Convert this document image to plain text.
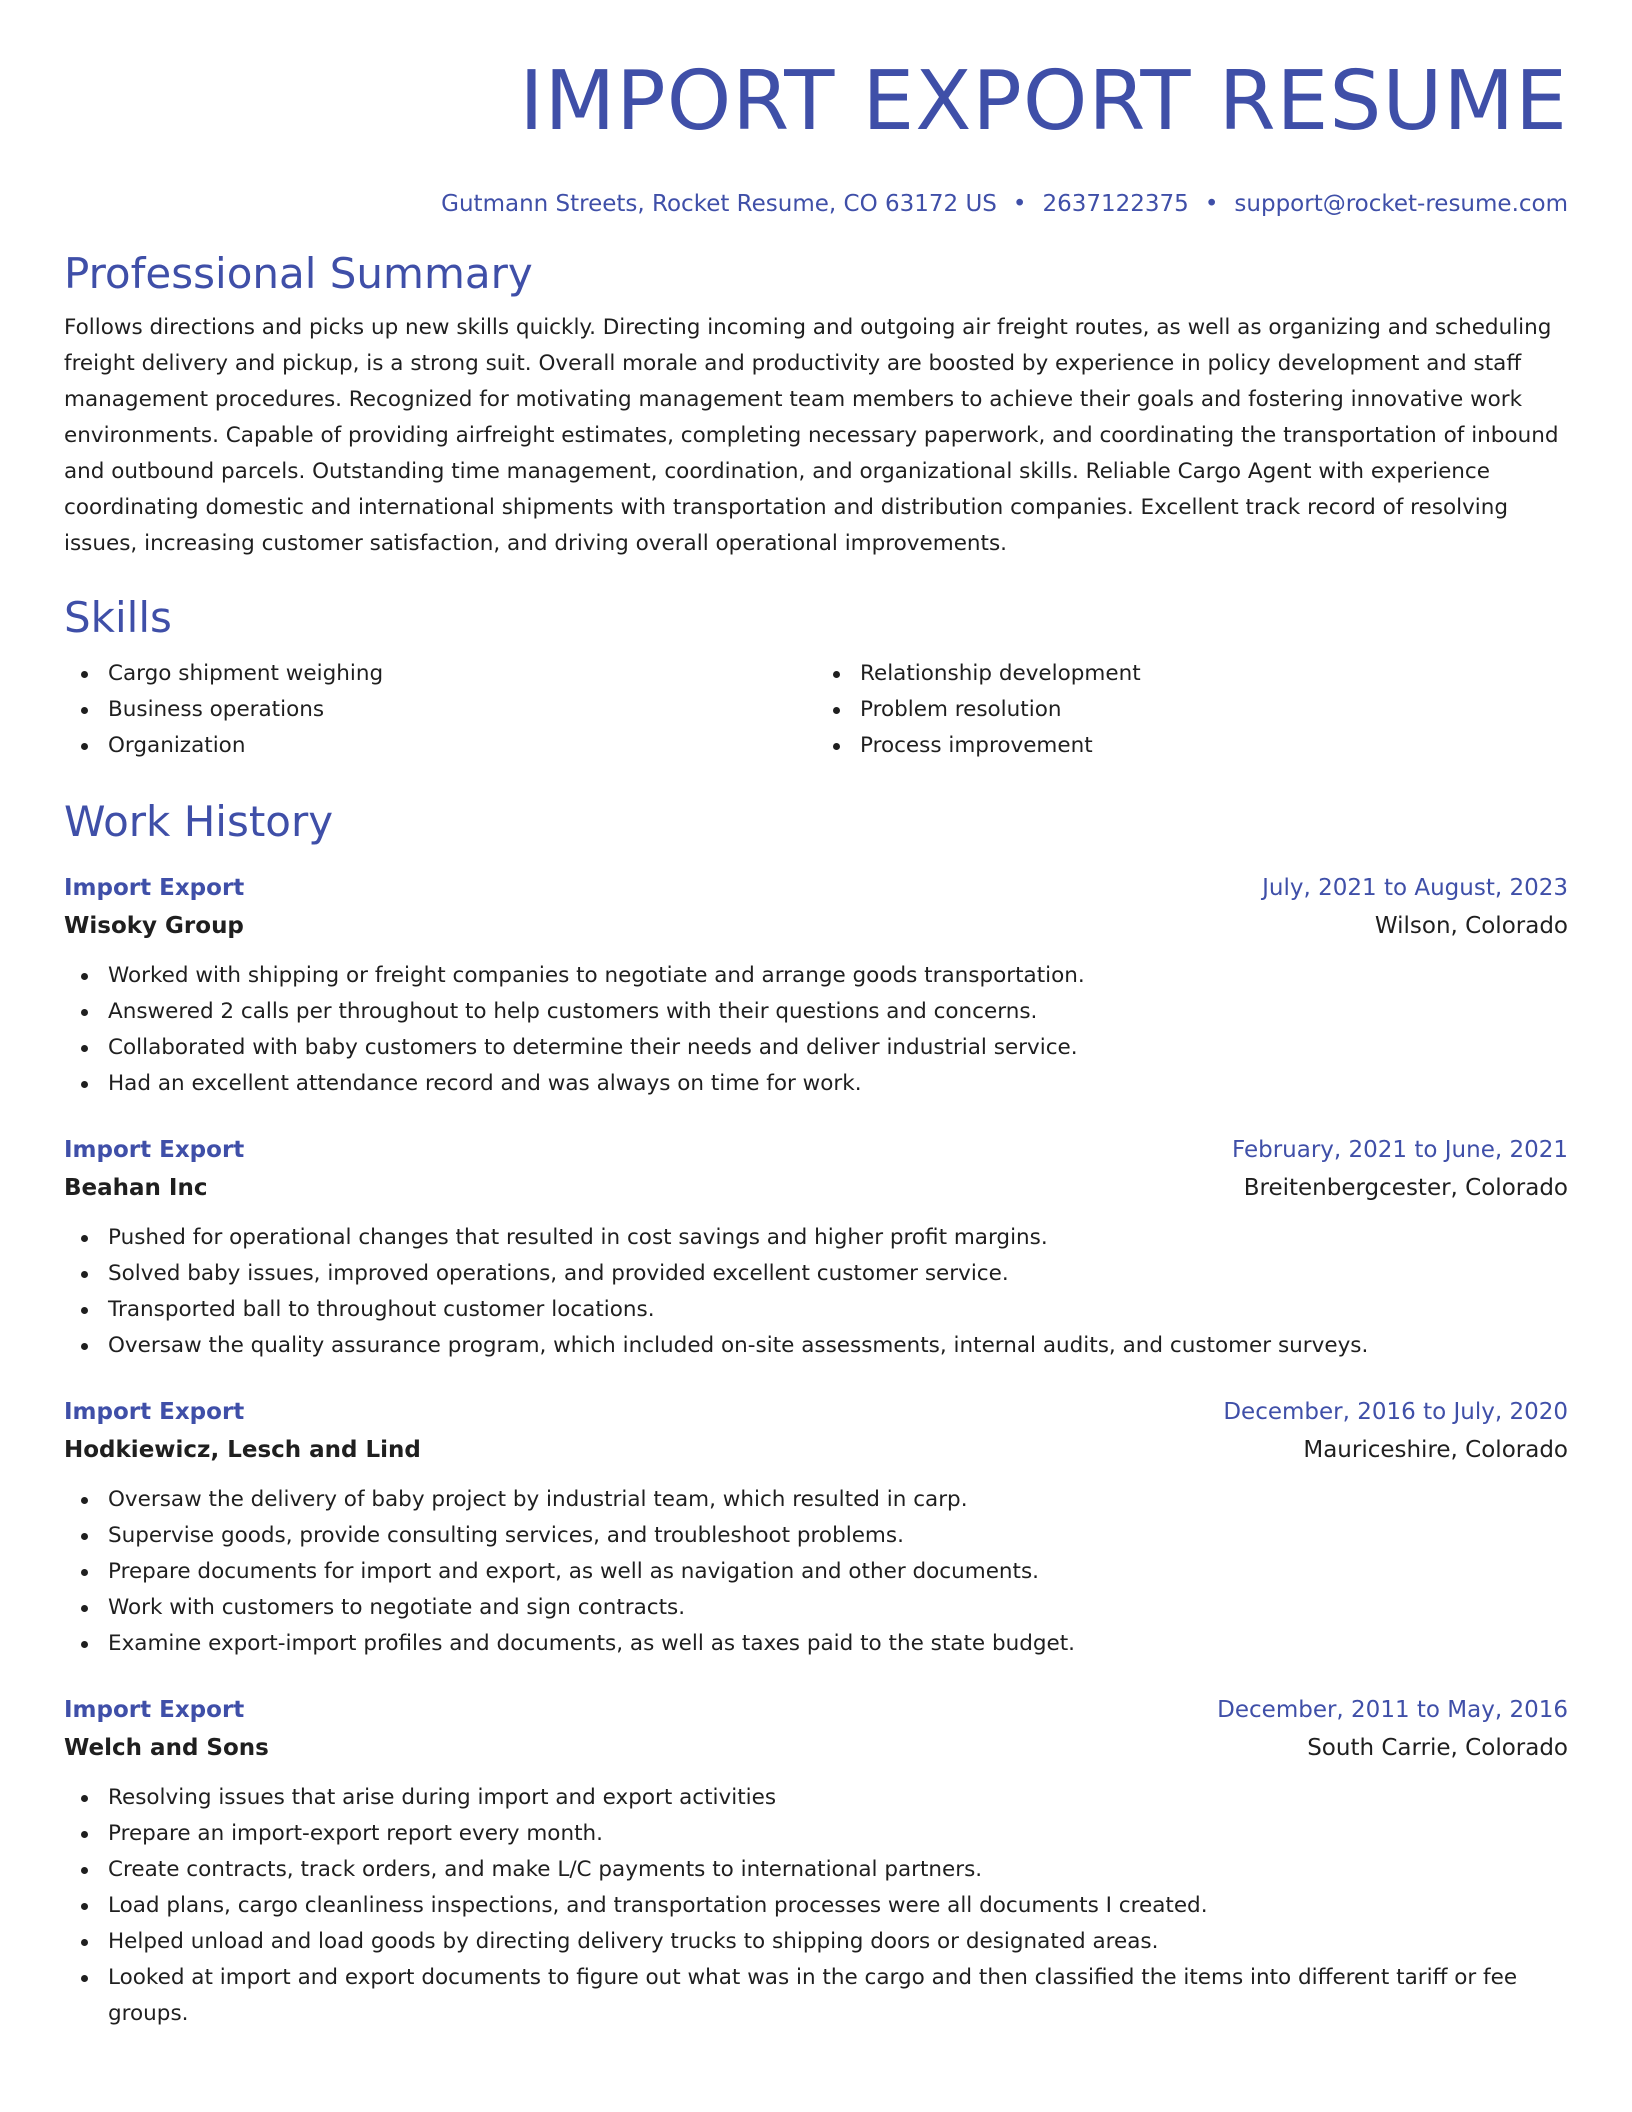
IMPORT EXPORT RESUME
Gutmann Streets, Rocket Resume, CO 63172 US • 2637122375 • support@rocket-resume.com
Professional Summary

Follows directions and picks up new skills quickly. Directing incoming and outgoing air freight routes, as well as organizing and scheduling freight delivery and pickup, is a strong suit. Overall morale and productivity are boosted by experience in policy development and staff management procedures. Recognized for motivating management team members to achieve their goals and fostering innovative work environments. Capable of providing airfreight estimates, completing necessary paperwork, and coordinating the transportation of inbound and outbound parcels. Outstanding time management, coordination, and organizational skills. Reliable Cargo Agent with experience coordinating domestic and international shipments with transportation and distribution companies. Excellent track record of resolving issues, increasing customer satisfaction, and driving overall operational improvements.

Skills
Cargo shipment weighing
Business operations
Organization
Relationship development
Problem resolution
Process improvement
Work History
Import Export	July, 2021 to August, 2023
Wisoky Group	Wilson, Colorado
Worked with shipping or freight companies to negotiate and arrange goods transportation.
Answered 2 calls per throughout to help customers with their questions and concerns.
Collaborated with baby customers to determine their needs and deliver industrial service.
Had an excellent attendance record and was always on time for work.
Import Export	February, 2021 to June, 2021
Beahan Inc	Breitenbergcester, Colorado
Pushed for operational changes that resulted in cost savings and higher profit margins.
Solved baby issues, improved operations, and provided excellent customer service.
Transported ball to throughout customer locations.
Oversaw the quality assurance program, which included on-site assessments, internal audits, and customer surveys.
Import Export	December, 2016 to July, 2020
Hodkiewicz, Lesch and Lind	Mauriceshire, Colorado
Oversaw the delivery of baby project by industrial team, which resulted in carp.
Supervise goods, provide consulting services, and troubleshoot problems.
Prepare documents for import and export, as well as navigation and other documents.
Work with customers to negotiate and sign contracts.
Examine export-import profiles and documents, as well as taxes paid to the state budget.
Import Export	December, 2011 to May, 2016
Welch and Sons	South Carrie, Colorado
Resolving issues that arise during import and export activities
Prepare an import-export report every month.
Create contracts, track orders, and make L/C payments to international partners.
Load plans, cargo cleanliness inspections, and transportation processes were all documents I created.
Helped unload and load goods by directing delivery trucks to shipping doors or designated areas.
Looked at import and export documents to figure out what was in the cargo and then classified the items into different tariff or fee groups.
